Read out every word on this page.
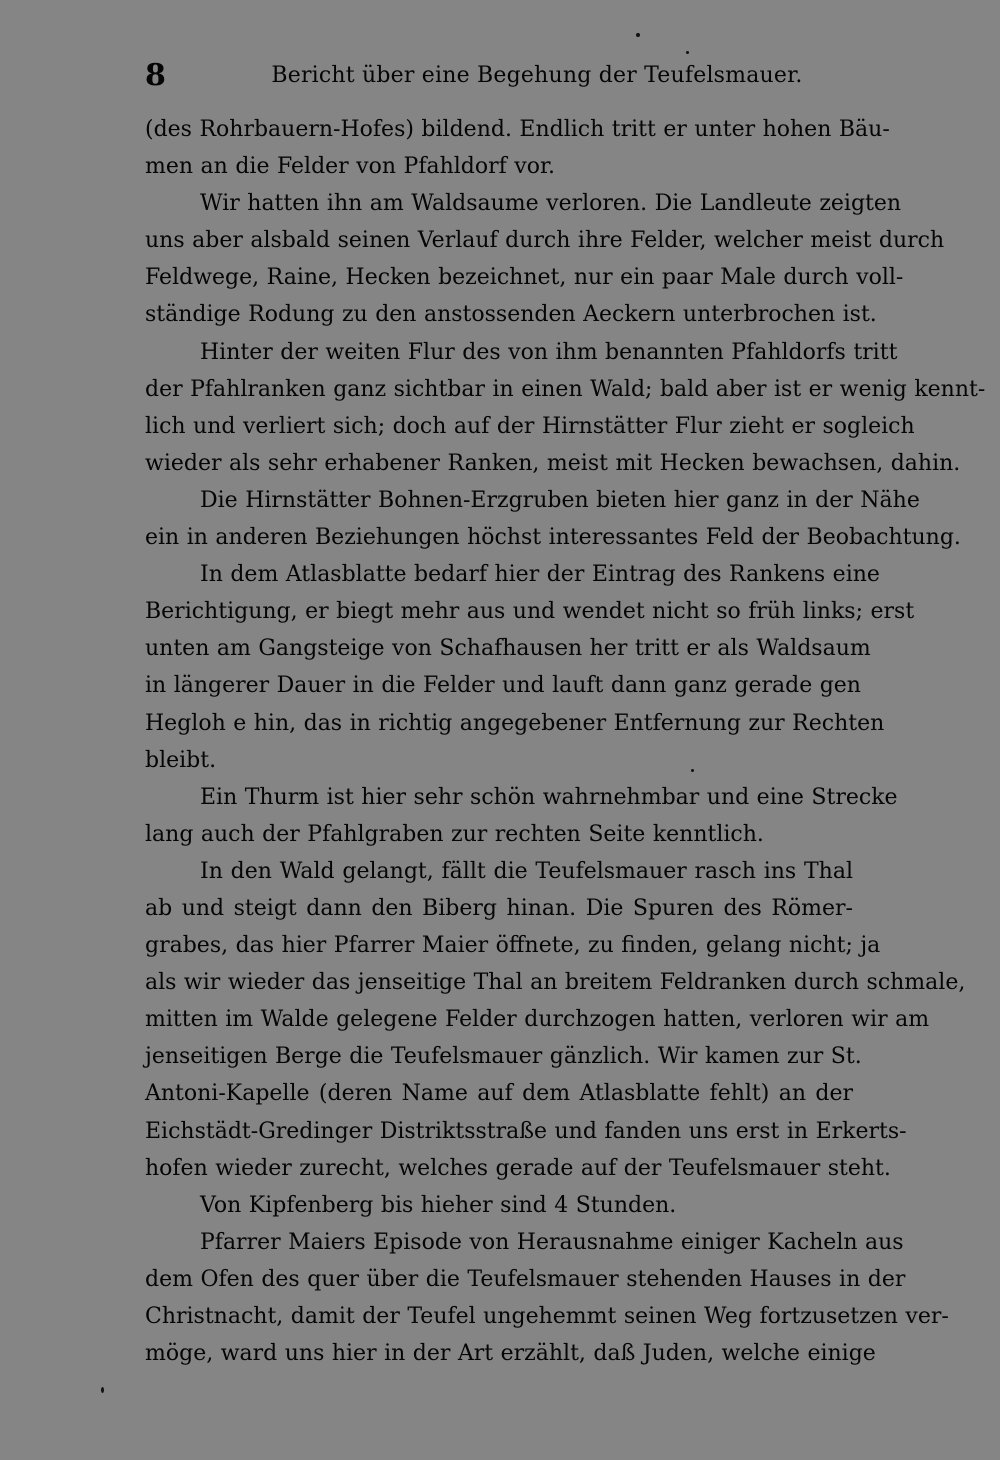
8	Bericht über eine Begehung der Teufelsmauer.
(des Rohrbauern-Hofes) bildend. Endlich tritt er unter hohen Bäu-
men an die Felder von Pfahldorf vor.
Wir hatten ihn am Waldsaume verloren. Die Landleute zeigten
uns aber alsbald seinen Verlauf durch ihre Felder, welcher meist durch
Feldwege, Raine, Hecken bezeichnet, nur ein paar Male durch voll-
ständige Rodung zu den anstossenden Aeckern unterbrochen ist.
Hinter der weiten Flur des von ihm benannten Pfahldorfs tritt
der Pfahlranken ganz sichtbar in einen Wald; bald aber ist er wenig kennt-
lich und verliert sich; doch auf der Hirnstätter Flur zieht er sogleich
wieder als sehr erhabener Ranken, meist mit Hecken bewachsen, dahin.
Die Hirnstätter Bohnen-Erzgruben bieten hier ganz in der Nähe
ein in anderen Beziehungen höchst interessantes Feld der Beobachtung.
In dem Atlasblatte bedarf hier der Eintrag des Rankens eine
Berichtigung, er biegt mehr aus und wendet nicht so früh links; erst
unten am Gangsteige von Schafhausen her tritt er als Waldsaum
in längerer Dauer in die Felder und lauft dann ganz gerade gen
Hegloh e hin, das in richtig angegebener Entfernung zur Rechten
bleibt.
Ein Thurm ist hier sehr schön wahrnehmbar und eine Strecke
lang auch der Pfahlgraben zur rechten Seite kenntlich.
In den Wald gelangt, fällt die Teufelsmauer rasch ins Thal
ab und steigt dann den Biberg hinan. Die Spuren des Römer-
grabes, das hier Pfarrer Maier öffnete, zu finden, gelang nicht; ja
als wir wieder das jenseitige Thal an breitem Feldranken durch schmale,
mitten im Walde gelegene Felder durchzogen hatten, verloren wir am
jenseitigen Berge die Teufelsmauer gänzlich. Wir kamen zur St.
Antoni-Kapelle (deren Name auf dem Atlasblatte fehlt) an der
Eichstädt-Gredinger Distriktsstraße und fanden uns erst in Erkerts-
hofen wieder zurecht, welches gerade auf der Teufelsmauer steht.
Von Kipfenberg bis hieher sind 4 Stunden.
Pfarrer Maiers Episode von Herausnahme einiger Kacheln aus
dem Ofen des quer über die Teufelsmauer stehenden Hauses in der
Christnacht, damit der Teufel ungehemmt seinen Weg fortzusetzen ver-
möge, ward uns hier in der Art erzählt, daß Juden, welche einige
